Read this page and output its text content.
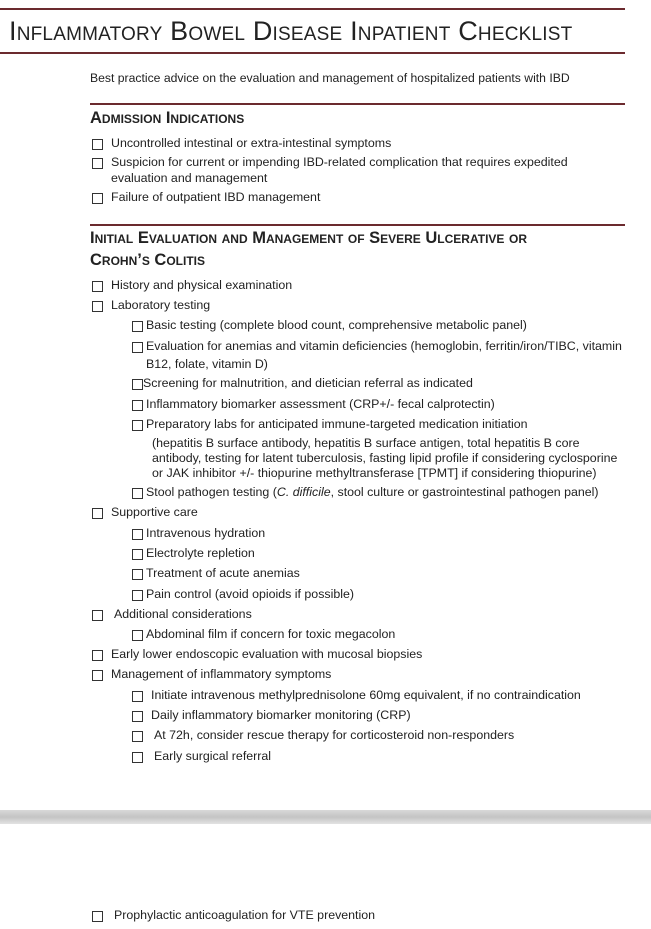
Inflammatory Bowel Disease Inpatient Checklist
Best practice advice on the evaluation and management of hospitalized patients with IBD
Admission Indications
Uncontrolled intestinal or extra-intestinal symptoms
Suspicion for current or impending IBD-related complication that requires expedited
evaluation and management
Failure of outpatient IBD management
Initial Evaluation and Management of Severe Ulcerative or
Crohn’s Colitis
History and physical examination
Laboratory testing
Basic testing (complete blood count, comprehensive metabolic panel)
Evaluation for anemias and vitamin deficiencies (hemoglobin, ferritin/iron/TIBC, vitamin
B12, folate, vitamin D)
Screening for malnutrition, and dietician referral as indicated
Inflammatory biomarker assessment (CRP+/- fecal calprotectin)
Preparatory labs for anticipated immune-targeted medication initiation
(hepatitis B surface antibody, hepatitis B surface antigen, total hepatitis B core
antibody, testing for latent tuberculosis, fasting lipid profile if considering cyclosporine
or JAK inhibitor +/- thiopurine methyltransferase [TPMT] if considering thiopurine)
Stool pathogen testing (C. difficile, stool culture or gastrointestinal pathogen panel)
Supportive care
Intravenous hydration
Electrolyte repletion
Treatment of acute anemias
Pain control (avoid opioids if possible)
Additional considerations
Abdominal film if concern for toxic megacolon
Early lower endoscopic evaluation with mucosal biopsies
Management of inflammatory symptoms
Initiate intravenous methylprednisolone 60mg equivalent, if no contraindication
Daily inflammatory biomarker monitoring (CRP)
At 72h, consider rescue therapy for corticosteroid non-responders
Early surgical referral
Prophylactic anticoagulation for VTE prevention
